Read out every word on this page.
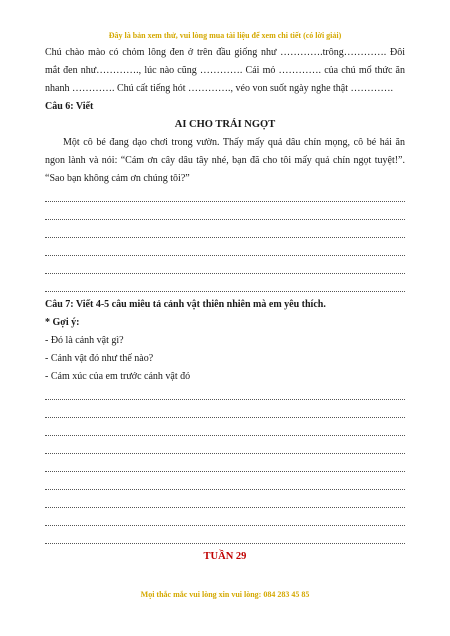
Đây là bản xem thử, vui lòng mua tài liệu để xem chi tiết (có lời giải)

Chú chào mào có chỏm lông đen ở trên đầu giống như ………….trông…………. Đôi

mắt đen như…………., lúc nào cũng …………. Cái mỏ …………. của chú mổ thức ăn

nhanh …………. Chú cất tiếng hót …………., véo von suốt ngày nghe thật ………….

Câu 6: Viết

AI CHO TRÁI NGỌT

Một cô bé đang dạo chơi trong vườn. Thấy mấy quả dâu chín mọng, cô bé hái ăn

ngon lành và nói: “Cám ơn cây dâu tây nhé, bạn đã cho tôi mấy quả chín ngọt tuyệt!”.

“Sao bạn không cảm ơn chúng tôi?”

Câu 7: Viết 4-5 câu miêu tả cảnh vật thiên nhiên mà em yêu thích.

* Gợi ý:

- Đó là cảnh vật gì?

- Cảnh vật đó như thế nào?

- Cảm xúc của em trước cảnh vật đó

TUẦN 29

Mọi thắc mắc vui lòng xin vui lòng: 084 283 45 85
